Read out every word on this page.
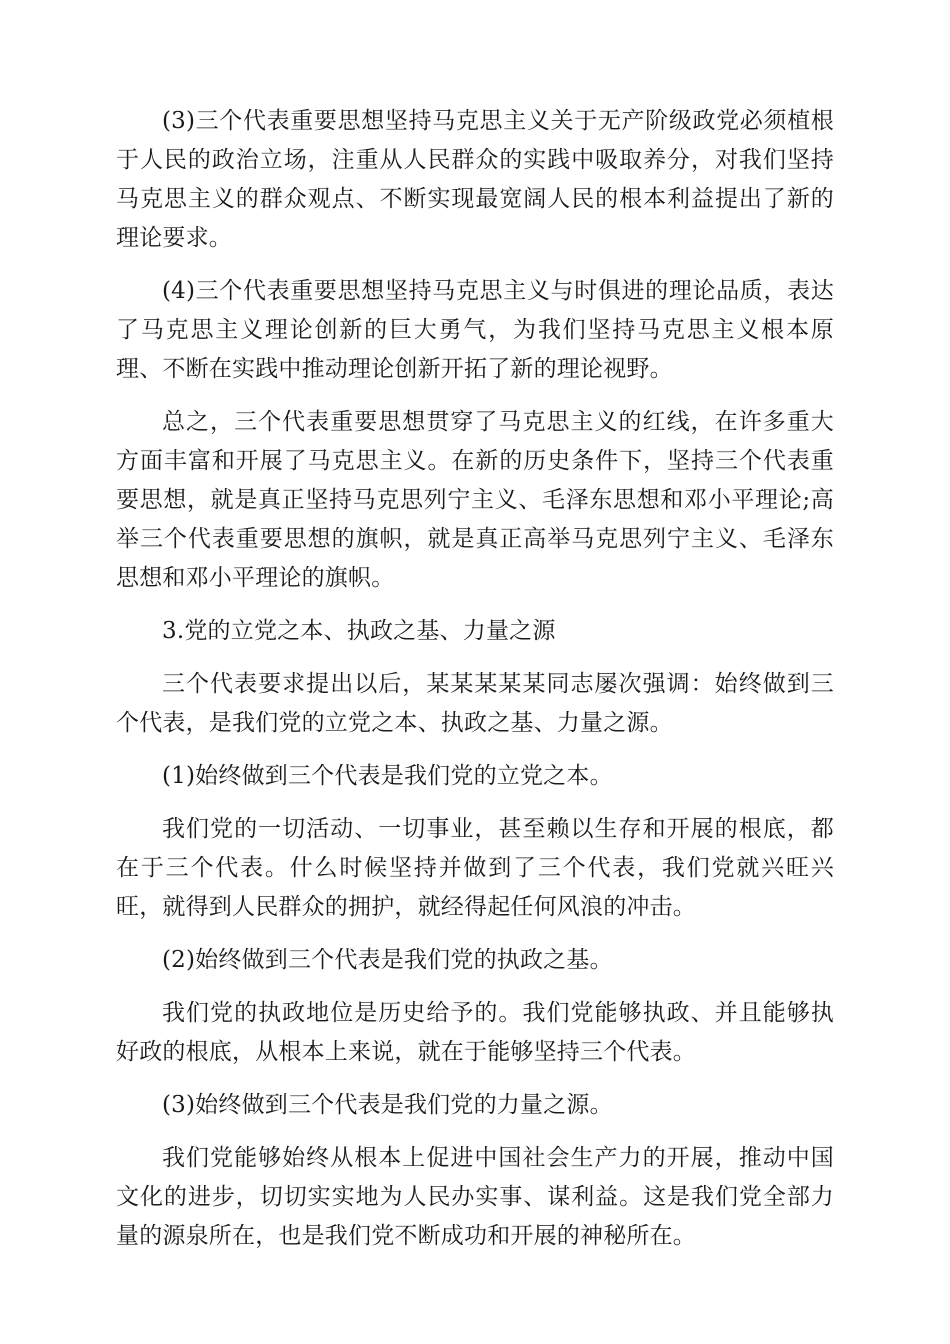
(3)三个代表重要思想坚持马克思主义关于无产阶级政党必须植根于人民的政治立场，注重从人民群众的实践中吸取养分，对我们坚持马克思主义的群众观点、不断实现最宽阔人民的根本利益提出了新的理论要求。

(4)三个代表重要思想坚持马克思主义与时俱进的理论品质，表达了马克思主义理论创新的巨大勇气，为我们坚持马克思主义根本原理、不断在实践中推动理论创新开拓了新的理论视野。

总之，三个代表重要思想贯穿了马克思主义的红线，在许多重大方面丰富和开展了马克思主义。在新的历史条件下，坚持三个代表重要思想，就是真正坚持马克思列宁主义、毛泽东思想和邓小平理论;高举三个代表重要思想的旗帜，就是真正高举马克思列宁主义、毛泽东思想和邓小平理论的旗帜。

3.党的立党之本、执政之基、力量之源

三个代表要求提出以后，某某某某某同志屡次强调：始终做到三个代表，是我们党的立党之本、执政之基、力量之源。

(1)始终做到三个代表是我们党的立党之本。

我们党的一切活动、一切事业，甚至赖以生存和开展的根底，都在于三个代表。什么时候坚持并做到了三个代表，我们党就兴旺兴旺，就得到人民群众的拥护，就经得起任何风浪的冲击。

(2)始终做到三个代表是我们党的执政之基。

我们党的执政地位是历史给予的。我们党能够执政、并且能够执好政的根底，从根本上来说，就在于能够坚持三个代表。

(3)始终做到三个代表是我们党的力量之源。

我们党能够始终从根本上促进中国社会生产力的开展，推动中国文化的进步，切切实实地为人民办实事、谋利益。这是我们党全部力量的源泉所在，也是我们党不断成功和开展的神秘所在。
